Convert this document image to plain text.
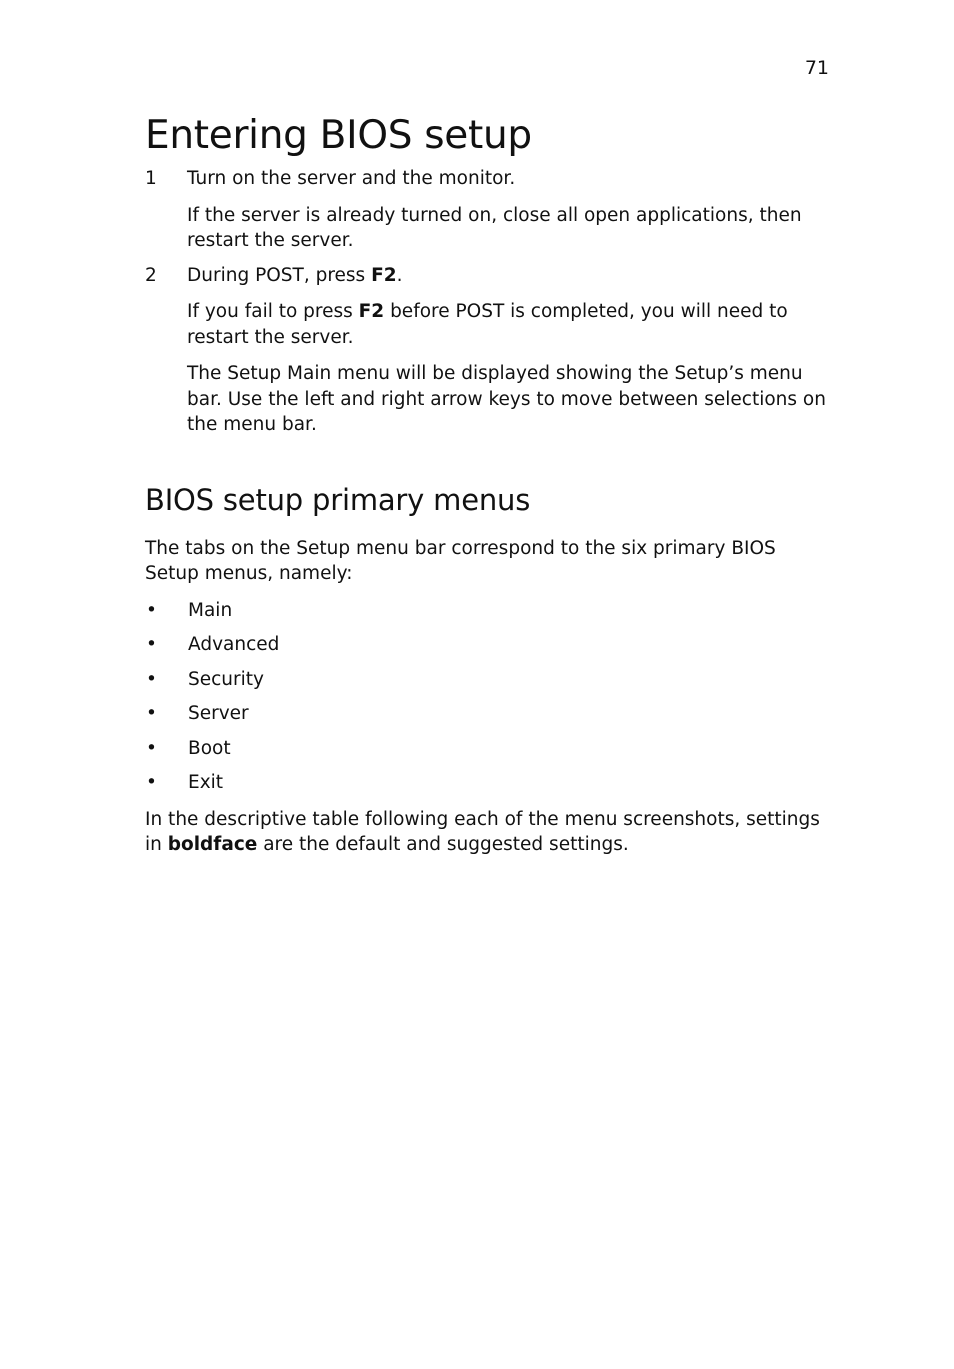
71
Entering BIOS setup
1	Turn on the server and the monitor.
If the server is already turned on, close all open applications, then restart the server.
2	During POST, press F2.
If you fail to press F2 before POST is completed, you will need to restart the server.
The Setup Main menu will be displayed showing the Setup’s menu bar. Use the left and right arrow keys to move between selections on the menu bar.
BIOS setup primary menus
The tabs on the Setup menu bar correspond to the six primary BIOS Setup menus, namely:
•	Main
•	Advanced
•	Security
•	Server
•	Boot
•	Exit
In the descriptive table following each of the menu screenshots, settings in boldface are the default and suggested settings.
